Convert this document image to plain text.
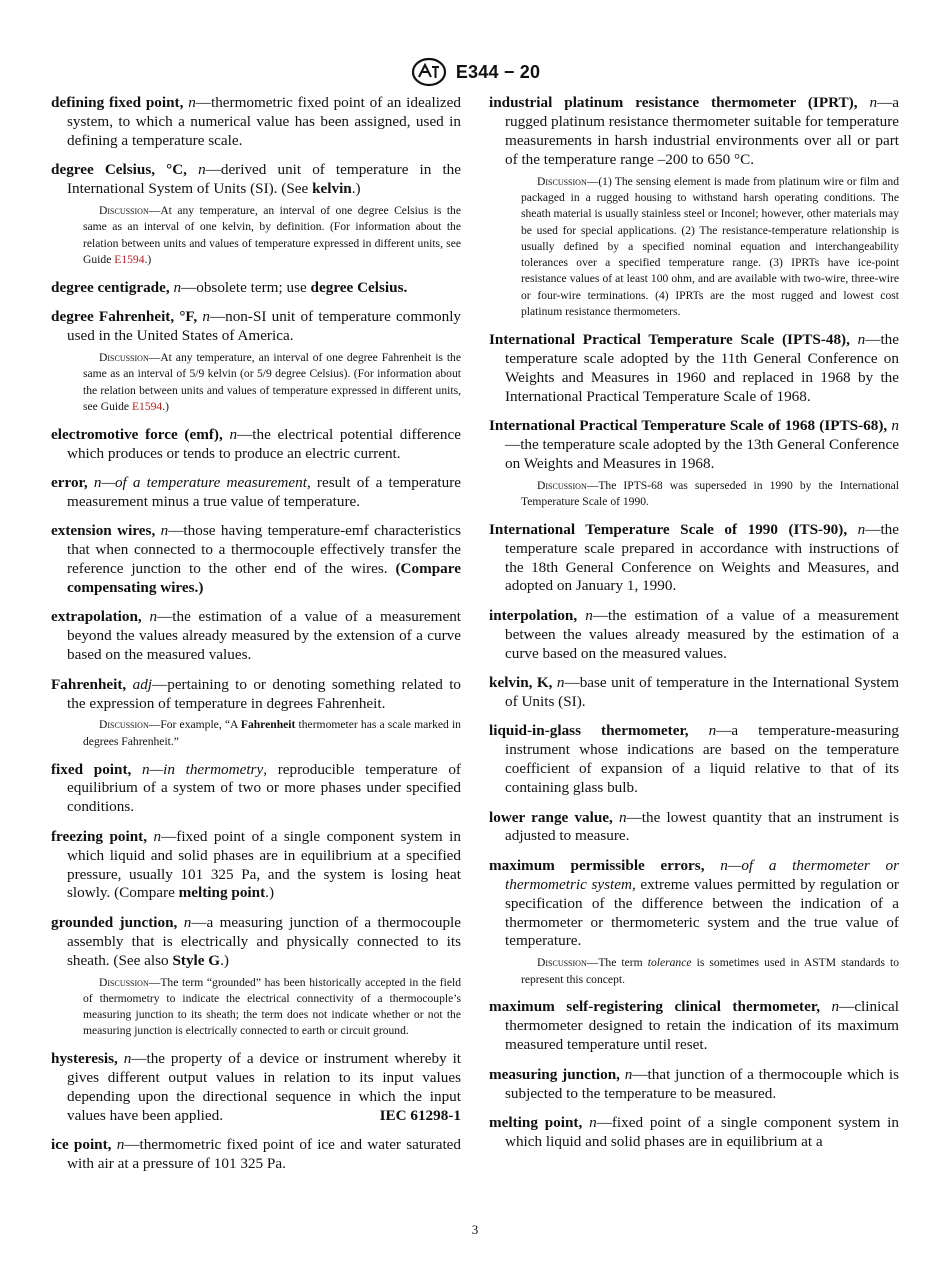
E344 − 20

defining fixed point, n—thermometric fixed point of an idealized system, to which a numerical value has been assigned, used in defining a temperature scale.

degree Celsius, °C, n—derived unit of temperature in the International System of Units (SI). (See kelvin.)

Discussion—At any temperature, an interval of one degree Celsius is the same as an interval of one kelvin, by definition. (For information about the relation between units and values of temperature expressed in different units, see Guide E1594.)

degree centigrade, n—obsolete term; use degree Celsius.

degree Fahrenheit, °F, n—non-SI unit of temperature commonly used in the United States of America.

Discussion—At any temperature, an interval of one degree Fahrenheit is the same as an interval of 5/9 kelvin (or 5/9 degree Celsius). (For information about the relation between units and values of temperature expressed in different units, see Guide E1594.)

electromotive force (emf), n—the electrical potential difference which produces or tends to produce an electric current.

error, n—of a temperature measurement, result of a temperature measurement minus a true value of temperature.

extension wires, n—those having temperature-emf characteristics that when connected to a thermocouple effectively transfer the reference junction to the other end of the wires. (Compare compensating wires.)

extrapolation, n—the estimation of a value of a measurement beyond the values already measured by the extension of a curve based on the measured values.

Fahrenheit, adj—pertaining to or denoting something related to the expression of temperature in degrees Fahrenheit.

Discussion—For example, “A Fahrenheit thermometer has a scale marked in degrees Fahrenheit.”

fixed point, n—in thermometry, reproducible temperature of equilibrium of a system of two or more phases under specified conditions.

freezing point, n—fixed point of a single component system in which liquid and solid phases are in equilibrium at a specified pressure, usually 101 325 Pa, and the system is losing heat slowly. (Compare melting point.)

grounded junction, n—a measuring junction of a thermocouple assembly that is electrically and physically connected to its sheath. (See also Style G.)

Discussion—The term “grounded” has been historically accepted in the field of thermometry to indicate the electrical connectivity of a thermocouple’s measuring junction to its sheath; the term does not indicate whether or not the measuring junction is electrically connected to earth or circuit ground.

hysteresis, n—the property of a device or instrument whereby it gives different output values in relation to its input values depending upon the directional sequence in which the input values have been applied.	IEC 61298-1

ice point, n—thermometric fixed point of ice and water saturated with air at a pressure of 101 325 Pa.

industrial platinum resistance thermometer (IPRT), n—a rugged platinum resistance thermometer suitable for temperature measurements in harsh industrial environments over all or part of the temperature range –200 to 650 °C.

Discussion—(1) The sensing element is made from platinum wire or film and packaged in a rugged housing to withstand harsh operating conditions. The sheath material is usually stainless steel or Inconel; however, other materials may be used for special applications. (2) The resistance-temperature relationship is usually defined by a specified nominal equation and interchangeability tolerances over a specified temperature range. (3) IPRTs have ice-point resistance values of at least 100 ohm, and are available with two-wire, three-wire or four-wire terminations. (4) IPRTs are the most rugged and lowest cost platinum resistance thermometers.

International Practical Temperature Scale (IPTS-48), n—the temperature scale adopted by the 11th General Conference on Weights and Measures in 1960 and replaced in 1968 by the International Practical Temperature Scale of 1968.

International Practical Temperature Scale of 1968 (IPTS-68), n—the temperature scale adopted by the 13th General Conference on Weights and Measures in 1968.

Discussion—The IPTS-68 was superseded in 1990 by the International Temperature Scale of 1990.

International Temperature Scale of 1990 (ITS-90), n—the temperature scale prepared in accordance with instructions of the 18th General Conference on Weights and Measures, and adopted on January 1, 1990.

interpolation, n—the estimation of a value of a measurement between the values already measured by the estimation of a curve based on the measured values.

kelvin, K, n—base unit of temperature in the International System of Units (SI).

liquid-in-glass thermometer, n—a temperature-measuring instrument whose indications are based on the temperature coefficient of expansion of a liquid relative to that of its containing glass bulb.

lower range value, n—the lowest quantity that an instrument is adjusted to measure.

maximum permissible errors, n—of a thermometer or thermometric system, extreme values permitted by regulation or specification of the difference between the indication of a thermometer or thermometeric system and the true value of temperature.

Discussion—The term tolerance is sometimes used in ASTM standards to represent this concept.

maximum self-registering clinical thermometer, n—clinical thermometer designed to retain the indication of its maximum measured temperature until reset.

measuring junction, n—that junction of a thermocouple which is subjected to the temperature to be measured.

melting point, n—fixed point of a single component system in which liquid and solid phases are in equilibrium at a

3
